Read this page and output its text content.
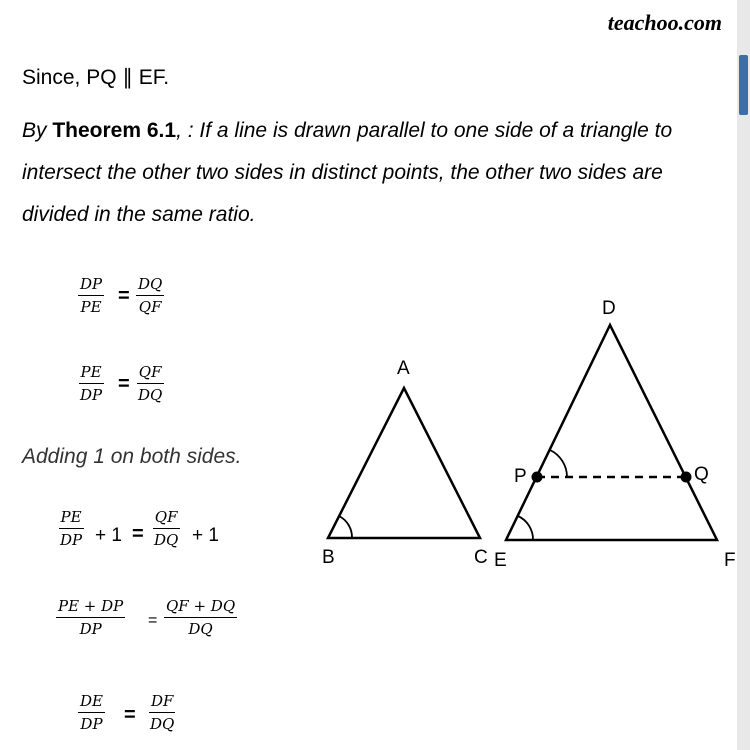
teachoo.com
Since, PQ ∥ EF.
By Theorem 6.1, : If a line is drawn parallel to one side of a triangle to intersect the other two sides in distinct points, the other two sides are divided in the same ratio.
$\frac{DP}{PE} = \frac{DQ}{QF}$
$\frac{PE}{DP} = \frac{QF}{DQ}$
Adding 1 on both sides.
$\frac{PE}{DP} + 1 = \frac{QF}{DQ} + 1$
$\frac{PE + DP}{DP} = \frac{QF + DQ}{DQ}$
$\frac{DE}{DP} = \frac{DF}{DQ}$
A
B	C
D
E	F
P	Q
